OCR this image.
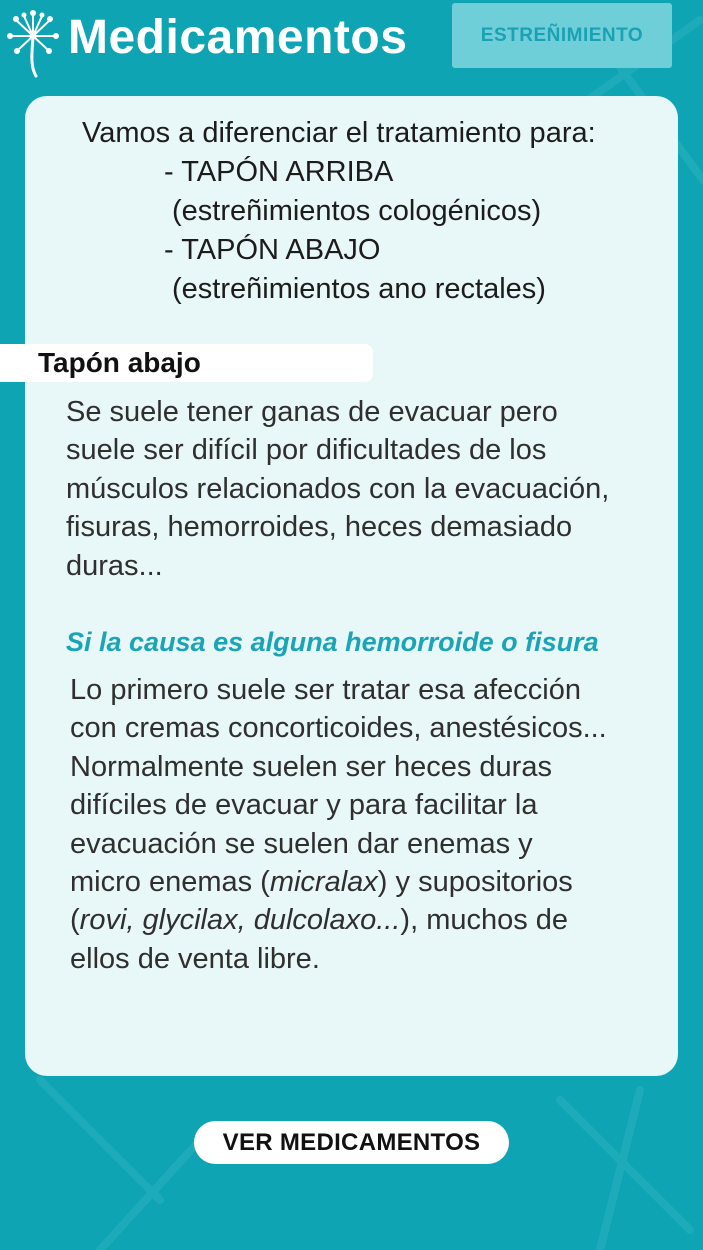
Medicamentos	ESTREÑIMIENTO
Vamos a diferenciar el tratamiento para:
- TAPÓN ARRIBA
(estreñimientos cologénicos)
- TAPÓN ABAJO
(estreñimientos ano rectales)
Tapón abajo
Se suele tener ganas de evacuar pero
suele ser difícil por dificultades de los
músculos relacionados con la evacuación,
fisuras, hemorroides, heces demasiado
duras...
Si la causa es alguna hemorroide o fisura
Lo primero suele ser tratar esa afección
con cremas concorticoides, anestésicos...
Normalmente suelen ser heces duras
difíciles de evacuar y para facilitar la
evacuación se suelen dar enemas y
micro enemas (micralax) y supositorios
(rovi, glycilax, dulcolaxo...), muchos de
ellos de venta libre.
VER MEDICAMENTOS
